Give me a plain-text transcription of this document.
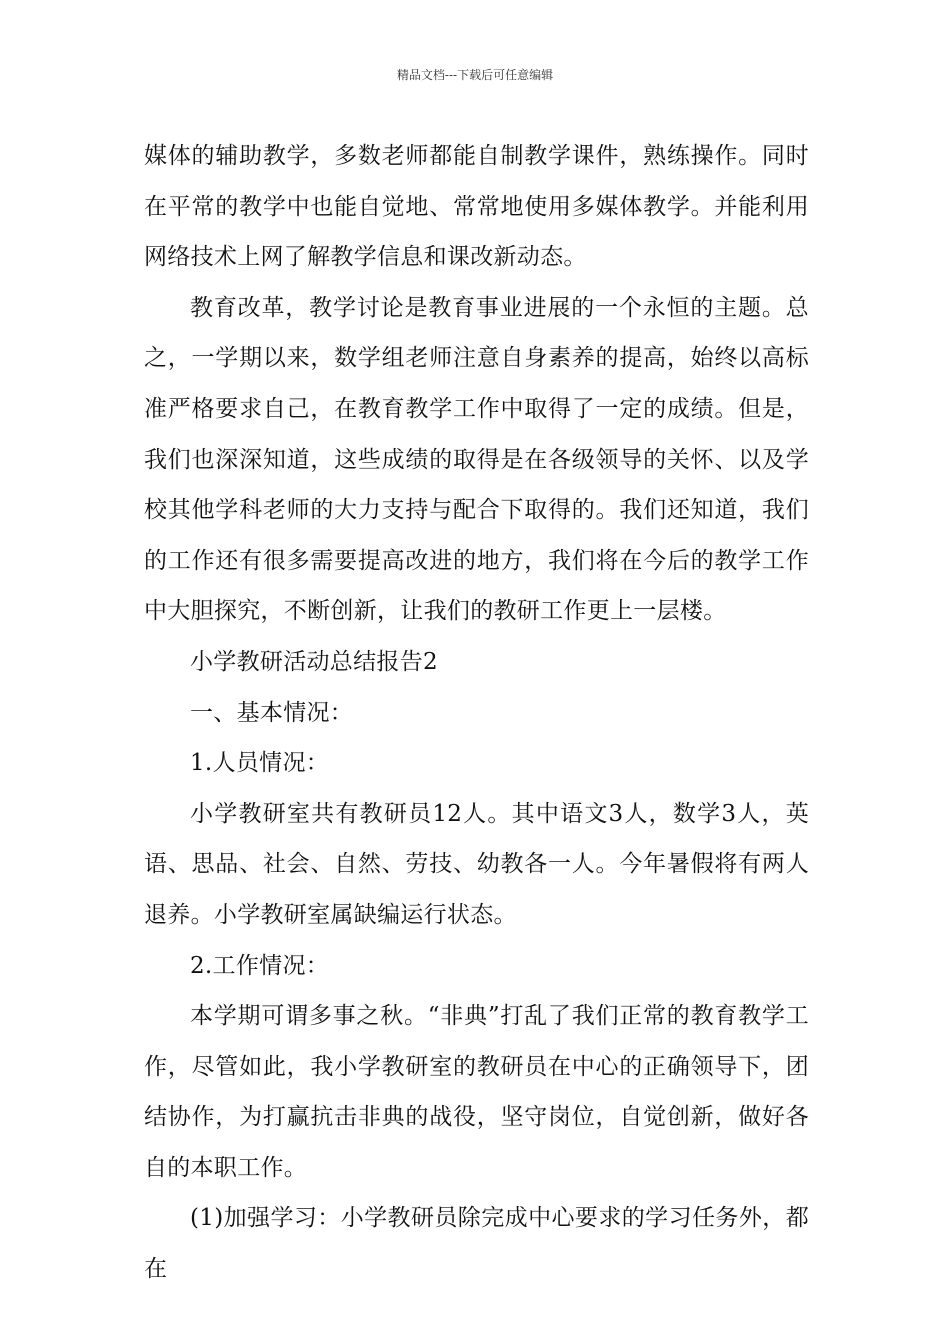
精品文档---下载后可任意编辑

媒体的辅助教学，多数老师都能自制教学课件，熟练操作。同时在平常的教学中也能自觉地、常常地使用多媒体教学。并能利用网络技术上网了解教学信息和课改新动态。

教育改革，教学讨论是教育事业进展的一个永恒的主题。总之，一学期以来，数学组老师注意自身素养的提高，始终以高标准严格要求自己，在教育教学工作中取得了一定的成绩。但是，我们也深深知道，这些成绩的取得是在各级领导的关怀、以及学校其他学科老师的大力支持与配合下取得的。我们还知道，我们的工作还有很多需要提高改进的地方，我们将在今后的教学工作中大胆探究，不断创新，让我们的教研工作更上一层楼。

小学教研活动总结报告2

一、基本情况：

1.人员情况：

小学教研室共有教研员12人。其中语文3人，数学3人，英语、思品、社会、自然、劳技、幼教各一人。今年暑假将有两人退养。小学教研室属缺编运行状态。

2.工作情况：

本学期可谓多事之秋。“非典”打乱了我们正常的教育教学工作，尽管如此，我小学教研室的教研员在中心的正确领导下，团结协作，为打赢抗击非典的战役，坚守岗位，自觉创新，做好各自的本职工作。

(1)加强学习：小学教研员除完成中心要求的学习任务外，都在
